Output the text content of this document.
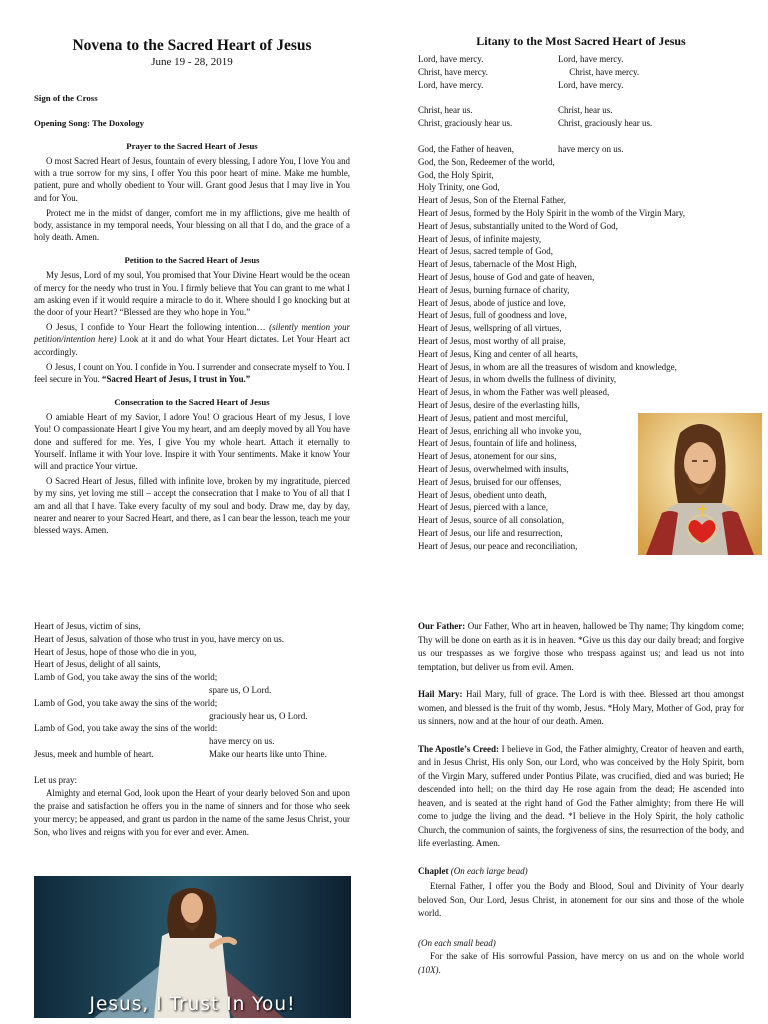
Novena to the Sacred Heart of Jesus
June 19 - 28, 2019
Sign of the Cross
Opening Song: The Doxology
Prayer to the Sacred Heart of Jesus

O most Sacred Heart of Jesus, fountain of every blessing, I adore You, I love You and with a true sorrow for my sins, I offer You this poor heart of mine. Make me humble, patient, pure and wholly obedient to Your will. Grant good Jesus that I may live in You and for You.

Protect me in the midst of danger, comfort me in my afflictions, give me health of body, assistance in my temporal needs, Your blessing on all that I do, and the grace of a holy death. Amen.

Petition to the Sacred Heart of Jesus

My Jesus, Lord of my soul, You promised that Your Divine Heart would be the ocean of mercy for the needy who trust in You. I firmly believe that You can grant to me what I am asking even if it would require a miracle to do it. Where should I go knocking but at the door of your Heart? “Blessed are they who hope in You.”

O Jesus, I confide to Your Heart the following intention… (silently mention your petition/intention here) Look at it and do what Your Heart dictates. Let Your Heart act accordingly.

O Jesus, I count on You. I confide in You. I surrender and consecrate myself to You. I feel secure in You. “Sacred Heart of Jesus, I trust in You.”

Consecration to the Sacred Heart of Jesus

O amiable Heart of my Savior, I adore You! O gracious Heart of my Jesus, I love You! O compassionate Heart I give You my heart, and am deeply moved by all You have done and suffered for me. Yes, I give You my whole heart. Attach it eternally to Yourself. Inflame it with Your love. Inspire it with Your sentiments. Make it know Your will and practice Your virtue.

O Sacred Heart of Jesus, filled with infinite love, broken by my ingratitude, pierced by my sins, yet loving me still – accept the consecration that I make to You of all that I am and all that I have. Take every faculty of my soul and body. Draw me, day by day, nearer and nearer to your Sacred Heart, and there, as I can bear the lesson, teach me your blessed ways. Amen.

Litany to the Most Sacred Heart of Jesus
Lord, have mercy.	Lord, have mercy.
Christ, have mercy.	Christ, have mercy.
Lord, have mercy.	Lord, have mercy.
Christ, hear us.	Christ, hear us.
Christ, graciously hear us.	Christ, graciously hear us.
God, the Father of heaven,	have mercy on us.
God, the Son, Redeemer of the world,
God, the Holy Spirit,
Holy Trinity, one God,
Heart of Jesus, Son of the Eternal Father,
Heart of Jesus, formed by the Holy Spirit in the womb of the Virgin Mary,
Heart of Jesus, substantially united to the Word of God,
Heart of Jesus, of infinite majesty,
Heart of Jesus, sacred temple of God,
Heart of Jesus, tabernacle of the Most High,
Heart of Jesus, house of God and gate of heaven,
Heart of Jesus, burning furnace of charity,
Heart of Jesus, abode of justice and love,
Heart of Jesus, full of goodness and love,
Heart of Jesus, wellspring of all virtues,
Heart of Jesus, most worthy of all praise,
Heart of Jesus, King and center of all hearts,
Heart of Jesus, in whom are all the treasures of wisdom and knowledge,
Heart of Jesus, in whom dwells the fullness of divinity,
Heart of Jesus, in whom the Father was well pleased,
Heart of Jesus, desire of the everlasting hills,
Heart of Jesus, patient and most merciful,
Heart of Jesus, enriching all who invoke you,
Heart of Jesus, fountain of life and holiness,
Heart of Jesus, atonement for our sins,
Heart of Jesus, overwhelmed with insults,
Heart of Jesus, bruised for our offenses,
Heart of Jesus, obedient unto death,
Heart of Jesus, pierced with a lance,
Heart of Jesus, source of all consolation,
Heart of Jesus, our life and resurrection,
Heart of Jesus, our peace and reconciliation,
Heart of Jesus, victim of sins,
Heart of Jesus, salvation of those who trust in you, have mercy on us.
Heart of Jesus, hope of those who die in you,
Heart of Jesus, delight of all saints,
Lamb of God, you take away the sins of the world;
spare us, O Lord.
Lamb of God, you take away the sins of the world;
graciously hear us, O Lord.
Lamb of God, you take away the sins of the world:
have mercy on us.
Jesus, meek and humble of heart.	Make our hearts like unto Thine.
Let us pray:

Almighty and eternal God, look upon the Heart of your dearly beloved Son and upon the praise and satisfaction he offers you in the name of sinners and for those who seek your mercy; be appeased, and grant us pardon in the name of the same Jesus Christ, your Son, who lives and reigns with you for ever and ever. Amen.

Jesus, I Trust In You!

Our Father: Our Father, Who art in heaven, hallowed be Thy name; Thy kingdom come; Thy will be done on earth as it is in heaven. *Give us this day our daily bread; and forgive us our trespasses as we forgive those who trespass against us; and lead us not into temptation, but deliver us from evil. Amen.

Hail Mary: Hail Mary, full of grace. The Lord is with thee. Blessed art thou amongst women, and blessed is the fruit of thy womb, Jesus. *Holy Mary, Mother of God, pray for us sinners, now and at the hour of our death. Amen.

The Apostle’s Creed: I believe in God, the Father almighty, Creator of heaven and earth, and in Jesus Christ, His only Son, our Lord, who was conceived by the Holy Spirit, born of the Virgin Mary, suffered under Pontius Pilate, was crucified, died and was buried; He descended into hell; on the third day He rose again from the dead; He ascended into heaven, and is seated at the right hand of God the Father almighty; from there He will come to judge the living and the dead. *I believe in the Holy Spirit, the holy catholic Church, the communion of saints, the forgiveness of sins, the resurrection of the body, and life everlasting. Amen.

Chaplet (On each large bead)

Eternal Father, I offer you the Body and Blood, Soul and Divinity of Your dearly beloved Son, Our Lord, Jesus Christ, in atonement for our sins and those of the whole world.

(On each small bead)

For the sake of His sorrowful Passion, have mercy on us and on the whole world (10X).
